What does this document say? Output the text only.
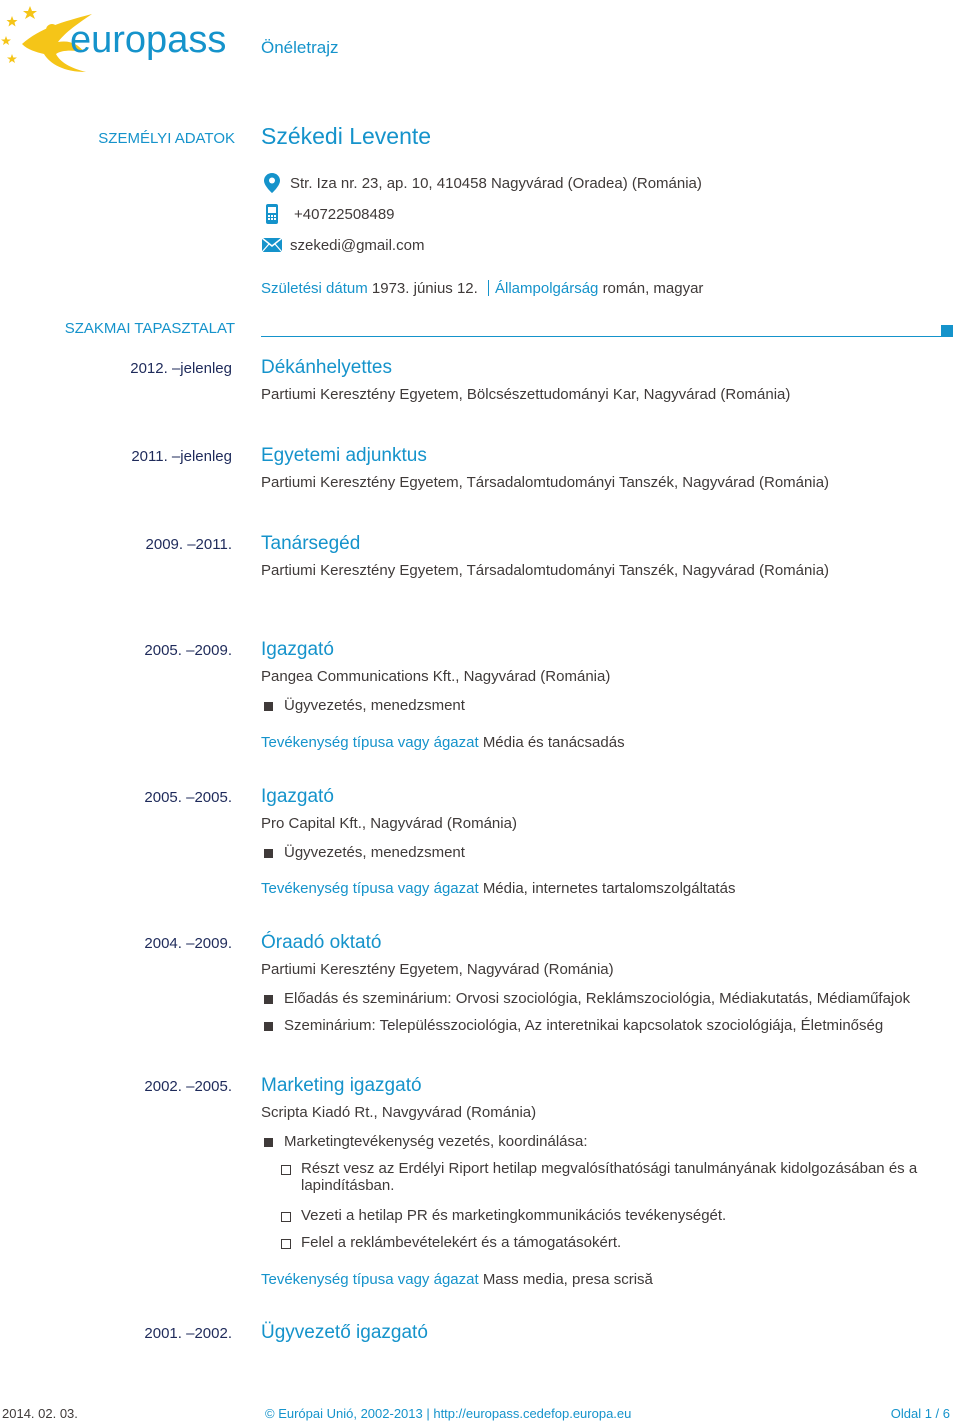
europass Önéletrajz
SZEMÉLYI ADATOK Székedi Levente
Str. Iza nr. 23, ap. 10, 410458 Nagyvárad (Oradea) (Románia)
+40722508489
szekedi@gmail.com
Születési dátum 1973. június 12. Állampolgárság román, magyar
SZAKMAI TAPASZTALAT
2012. –jelenleg Dékánhelyettes
Partiumi Keresztény Egyetem, Bölcsészettudományi Kar, Nagyvárad (Románia)
2011. –jelenleg Egyetemi adjunktus
Partiumi Keresztény Egyetem, Társadalomtudományi Tanszék, Nagyvárad (Románia)
2009. –2011. Tanársegéd
Partiumi Keresztény Egyetem, Társadalomtudományi Tanszék, Nagyvárad (Románia)
2005. –2009. Igazgató
Pangea Communications Kft., Nagyvárad (Románia)
Ügyvezetés, menedzsment
Tevékenység típusa vagy ágazat Média és tanácsadás
2005. –2005. Igazgató
Pro Capital Kft., Nagyvárad (Románia)
Ügyvezetés, menedzsment
Tevékenység típusa vagy ágazat Média, internetes tartalomszolgáltatás
2004. –2009. Óraadó oktató
Partiumi Keresztény Egyetem, Nagyvárad (Románia)
Előadás és szeminárium: Orvosi szociológia, Reklámszociológia, Médiakutatás, Médiaműfajok
Szeminárium: Településszociológia, Az interetnikai kapcsolatok szociológiája, Életminőség
2002. –2005. Marketing igazgató
Scripta Kiadó Rt., Navgyvárad (Románia)
Marketingtevékenység vezetés, koordinálása:
Részt vesz az Erdélyi Riport hetilap megvalósíthatósági tanulmányának kidolgozásában és a lapindításban.
Vezeti a hetilap PR és marketingkommunikációs tevékenységét.
Felel a reklámbevételekért és a támogatásokért.
Tevékenység típusa vagy ágazat Mass media, presa scrisă
2001. –2002. Ügyvezető igazgató
2014. 02. 03.	© Európai Unió, 2002-2013 | http://europass.cedefop.europa.eu	Oldal 1 / 6
